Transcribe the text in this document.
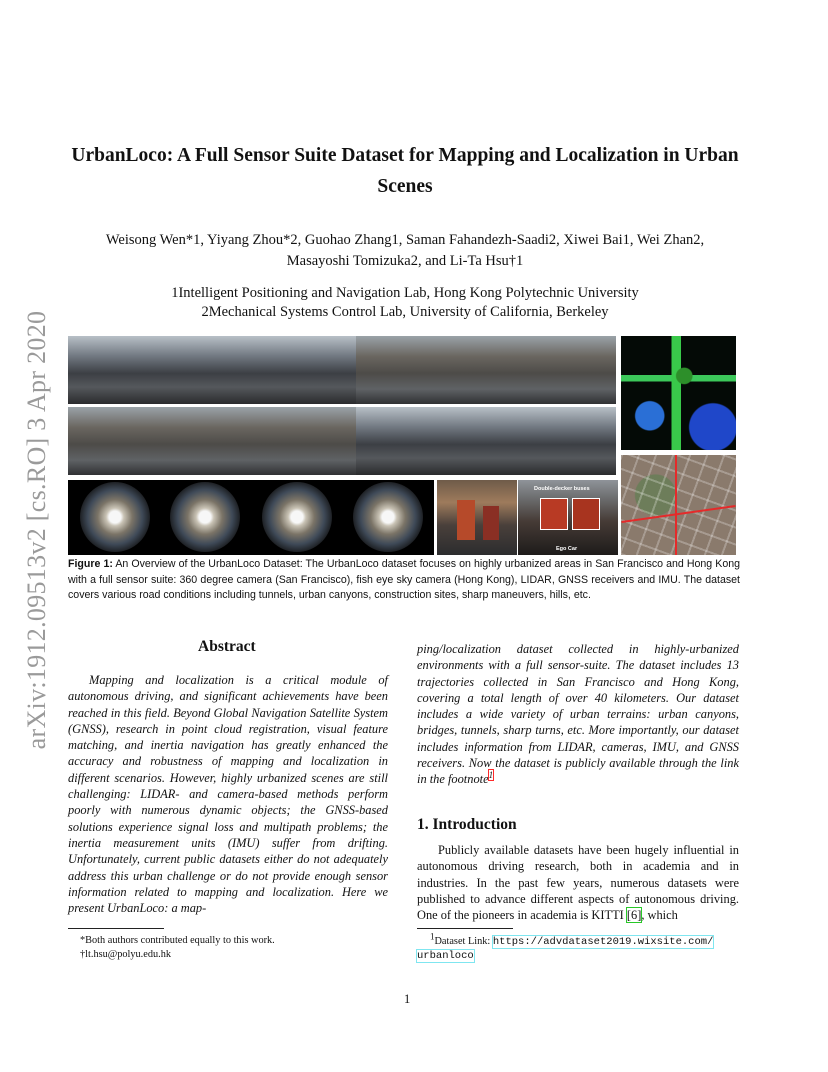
arXiv:1912.09513v2 [cs.RO] 3 Apr 2020
UrbanLoco: A Full Sensor Suite Dataset for Mapping and Localization in Urban Scenes
Weisong Wen*1, Yiyang Zhou*2, Guohao Zhang1, Saman Fahandezh-Saadi2, Xiwei Bai1, Wei Zhan2,
Masayoshi Tomizuka2, and Li-Ta Hsu†1
1Intelligent Positioning and Navigation Lab, Hong Kong Polytechnic University
2Mechanical Systems Control Lab, University of California, Berkeley
Double-decker buses
Ego Car
Figure 1: An Overview of the UrbanLoco Dataset: The UrbanLoco dataset focuses on highly urbanized areas in San Francisco and Hong Kong with a full sensor suite: 360 degree camera (San Francisco), fish eye sky camera (Hong Kong), LIDAR, GNSS receivers and IMU. The dataset covers various road conditions including tunnels, urban canyons, construction sites, sharp maneuvers, hills, etc.
Abstract
Mapping and localization is a critical module of autonomous driving, and significant achievements have been reached in this field. Beyond Global Navigation Satellite System (GNSS), research in point cloud registration, visual feature matching, and inertia navigation has greatly enhanced the accuracy and robustness of mapping and localization in different scenarios. However, highly urbanized scenes are still challenging: LIDAR- and camera-based methods perform poorly with numerous dynamic objects; the GNSS-based solutions experience signal loss and multipath problems; the inertia measurement units (IMU) suffer from drifting. Unfortunately, current public datasets either do not adequately address this urban challenge or do not provide enough sensor information related to mapping and localization. Here we present UrbanLoco: a map-
ping/localization dataset collected in highly-urbanized environments with a full sensor-suite. The dataset includes 13 trajectories collected in San Francisco and Hong Kong, covering a total length of over 40 kilometers. Our dataset includes a wide variety of urban terrains: urban canyons, bridges, tunnels, sharp turns, etc. More importantly, our dataset includes information from LIDAR, cameras, IMU, and GNSS receivers. Now the dataset is publicly available through the link in the footnote$^1$
1. Introduction
Publicly available datasets have been hugely influential in autonomous driving research, both in academia and in industries. In the past few years, numerous datasets were published to advance different aspects of autonomous driving. One of the pioneers in academia is KITTI [6], which
*Both authors contributed equally to this work.
†lt.hsu@polyu.edu.hk
$^1$Dataset Link: https://advdataset2019.wixsite.com/
urbanloco
1
